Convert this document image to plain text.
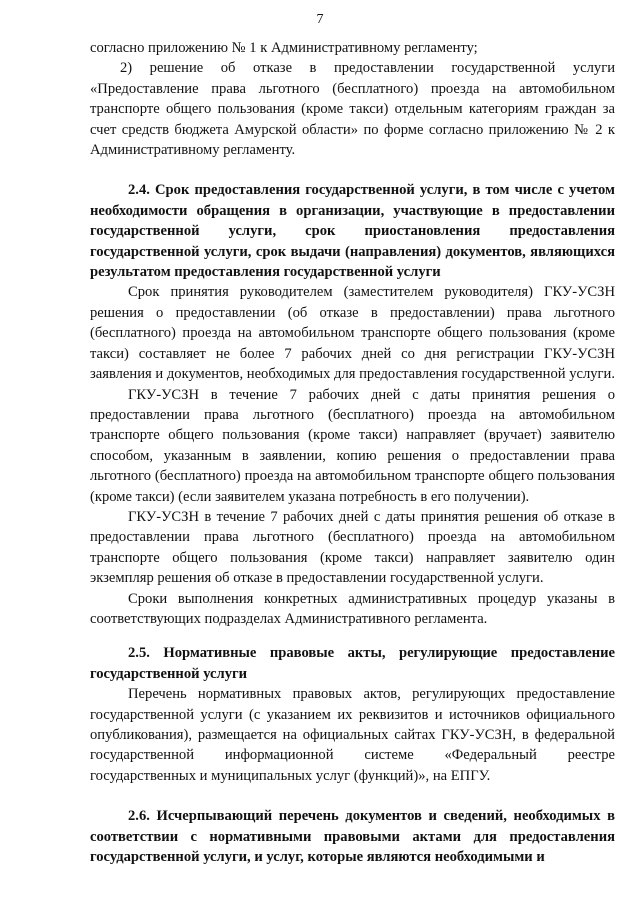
7

согласно приложению № 1 к Административному регламенту;

2) решение об отказе в предоставлении государственной услуги «Предоставление права льготного (бесплатного) проезда на автомобильном транспорте общего пользования (кроме такси) отдельным категориям граждан за счет средств бюджета Амурской области» по форме согласно приложению № 2 к Административному регламенту.

2.4. Срок предоставления государственной услуги, в том числе с учетом необходимости обращения в организации, участвующие в предоставлении государственной услуги, срок приостановления предоставления государственной услуги, срок выдачи (направления) документов, являющихся результатом предоставления государственной услуги

Срок принятия руководителем (заместителем руководителя) ГКУ-УСЗН решения о предоставлении (об отказе в предоставлении) права льготного (бесплатного) проезда на автомобильном транспорте общего пользования (кроме такси) составляет не более 7 рабочих дней со дня регистрации ГКУ-УСЗН заявления и документов, необходимых для предоставления государственной услуги.

ГКУ-УСЗН в течение 7 рабочих дней с даты принятия решения о предоставлении права льготного (бесплатного) проезда на автомобильном транспорте общего пользования (кроме такси) направляет (вручает) заявителю способом, указанным в заявлении, копию решения о предоставлении права льготного (бесплатного) проезда на автомобильном транспорте общего пользования (кроме такси) (если заявителем указана потребность в его получении).

ГКУ-УСЗН в течение 7 рабочих дней с даты принятия решения об отказе в предоставлении права льготного (бесплатного) проезда на автомобильном транспорте общего пользования (кроме такси) направляет заявителю один экземпляр решения об отказе в предоставлении государственной услуги.

Сроки выполнения конкретных административных процедур указаны в соответствующих подразделах Административного регламента.

2.5. Нормативные правовые акты, регулирующие предоставление государственной услуги

Перечень нормативных правовых актов, регулирующих предоставление государственной услуги (с указанием их реквизитов и источников официального опубликования), размещается на официальных сайтах ГКУ-УСЗН, в федеральной государственной информационной системе «Федеральный реестре государственных и муниципальных услуг (функций)», на ЕПГУ.

2.6. Исчерпывающий перечень документов и сведений, необходимых в соответствии с нормативными правовыми актами для предоставления государственной услуги, и услуг, которые являются необходимыми и
